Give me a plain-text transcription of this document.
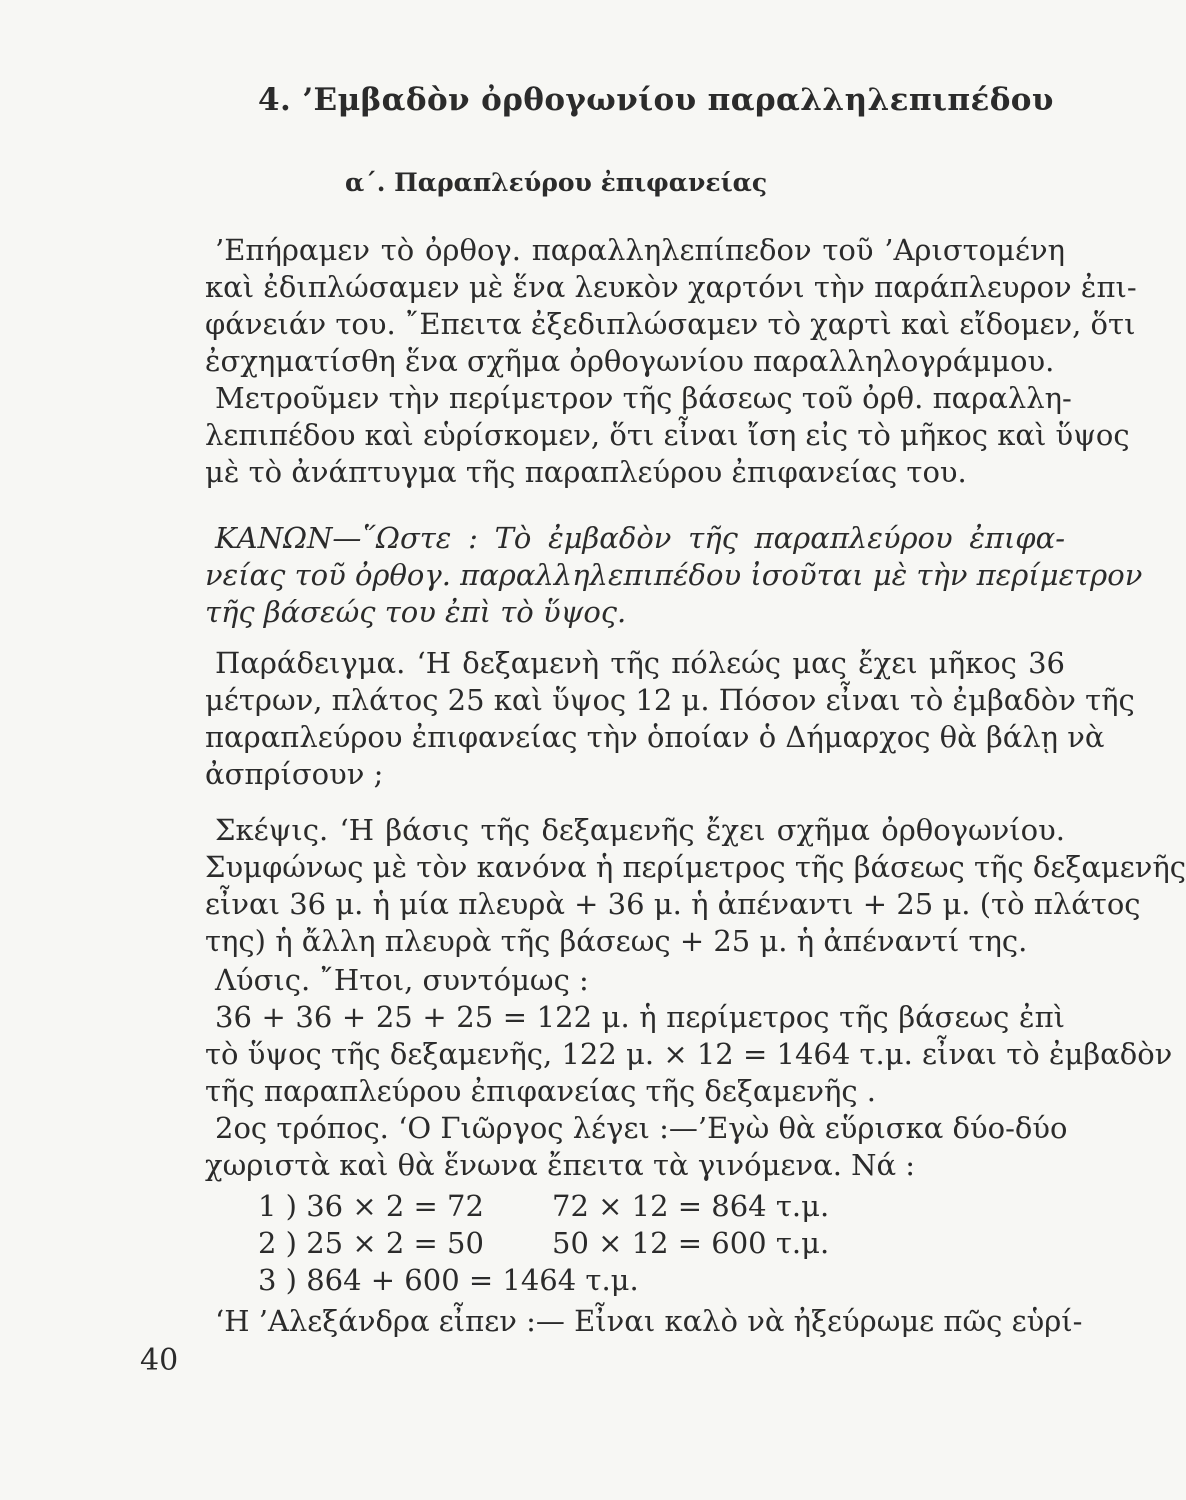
4. ’Εμβαδὸν ὀρθογωνίου παραλληλεπιπέδου
α΄. Παραπλεύρου ἐπιφανείας
’Επήραμεν τὸ ὀρθογ. παραλληλεπίπεδον τοῦ ’Αριστομένη
καὶ ἐδιπλώσαμεν μὲ ἕνα λευκὸν χαρτόνι τὴν παράπλευρον ἐπι-
φάνειάν του. ῎Επειτα ἐξεδιπλώσαμεν τὸ χαρτὶ καὶ εἴδομεν, ὅτι
ἐσχηματίσθη ἕνα σχῆμα ὀρθογωνίου παραλληλογράμμου.
Μετροῦμεν τὴν περίμετρον τῆς βάσεως τοῦ ὀρθ. παραλλη-
λεπιπέδου καὶ εὑρίσκομεν, ὅτι εἶναι ἴση εἰς τὸ μῆκος καὶ ὕψος
μὲ τὸ ἀνάπτυγμα τῆς παραπλεύρου ἐπιφανείας του.
ΚΑΝΩΝ—῞Ωστε : Τὸ ἐμβαδὸν τῆς παραπλεύρου ἐπιφα-
νείας τοῦ ὀρθογ. παραλληλεπιπέδου ἰσοῦται μὲ τὴν περίμετρον
τῆς βάσεώς του ἐπὶ τὸ ὕψος.
Παράδειγμα. ‘Η δεξαμενὴ τῆς πόλεώς μας ἔχει μῆκος 36
μέτρων, πλάτος 25 καὶ ὕψος 12 μ. Πόσον εἶναι τὸ ἐμβαδὸν τῆς
παραπλεύρου ἐπιφανείας τὴν ὁποίαν ὁ Δήμαρχος θὰ βάλῃ νὰ
ἀσπρίσουν ;
Σκέψις. ‘Η βάσις τῆς δεξαμενῆς ἔχει σχῆμα ὀρθογωνίου.
Συμφώνως μὲ τὸν κανόνα ἡ περίμετρος τῆς βάσεως τῆς δεξαμενῆς
εἶναι 36 μ. ἡ μία πλευρὰ + 36 μ. ἡ ἀπέναντι + 25 μ. (τὸ πλάτος
της) ἡ ἄλλη πλευρὰ τῆς βάσεως + 25 μ. ἡ ἀπέναντί της.
Λύσις. ῎Ητοι, συντόμως :
36 + 36 + 25 + 25 = 122 μ. ἡ περίμετρος τῆς βάσεως ἐπὶ
τὸ ὕψος τῆς δεξαμενῆς, 122 μ. × 12 = 1464 τ.μ. εἶναι τὸ ἐμβαδὸν
τῆς παραπλεύρου ἐπιφανείας τῆς δεξαμενῆς .
2ος τρόπος. ‘Ο Γιῶργος λέγει :—’Εγὼ θὰ εὕρισκα δύο-δύο
χωριστὰ καὶ θὰ ἕνωνα ἔπειτα τὰ γινόμενα. Νά :
1 ) 36 × 2 = 72 72 × 12 = 864 τ.μ.
2 ) 25 × 2 = 50 50 × 12 = 600 τ.μ.
3 ) 864 + 600 = 1464 τ.μ.
‘Η ’Αλεξάνδρα εἶπεν :— Εἶναι καλὸ νὰ ἠξεύρωμε πῶς εὑρί-
40
